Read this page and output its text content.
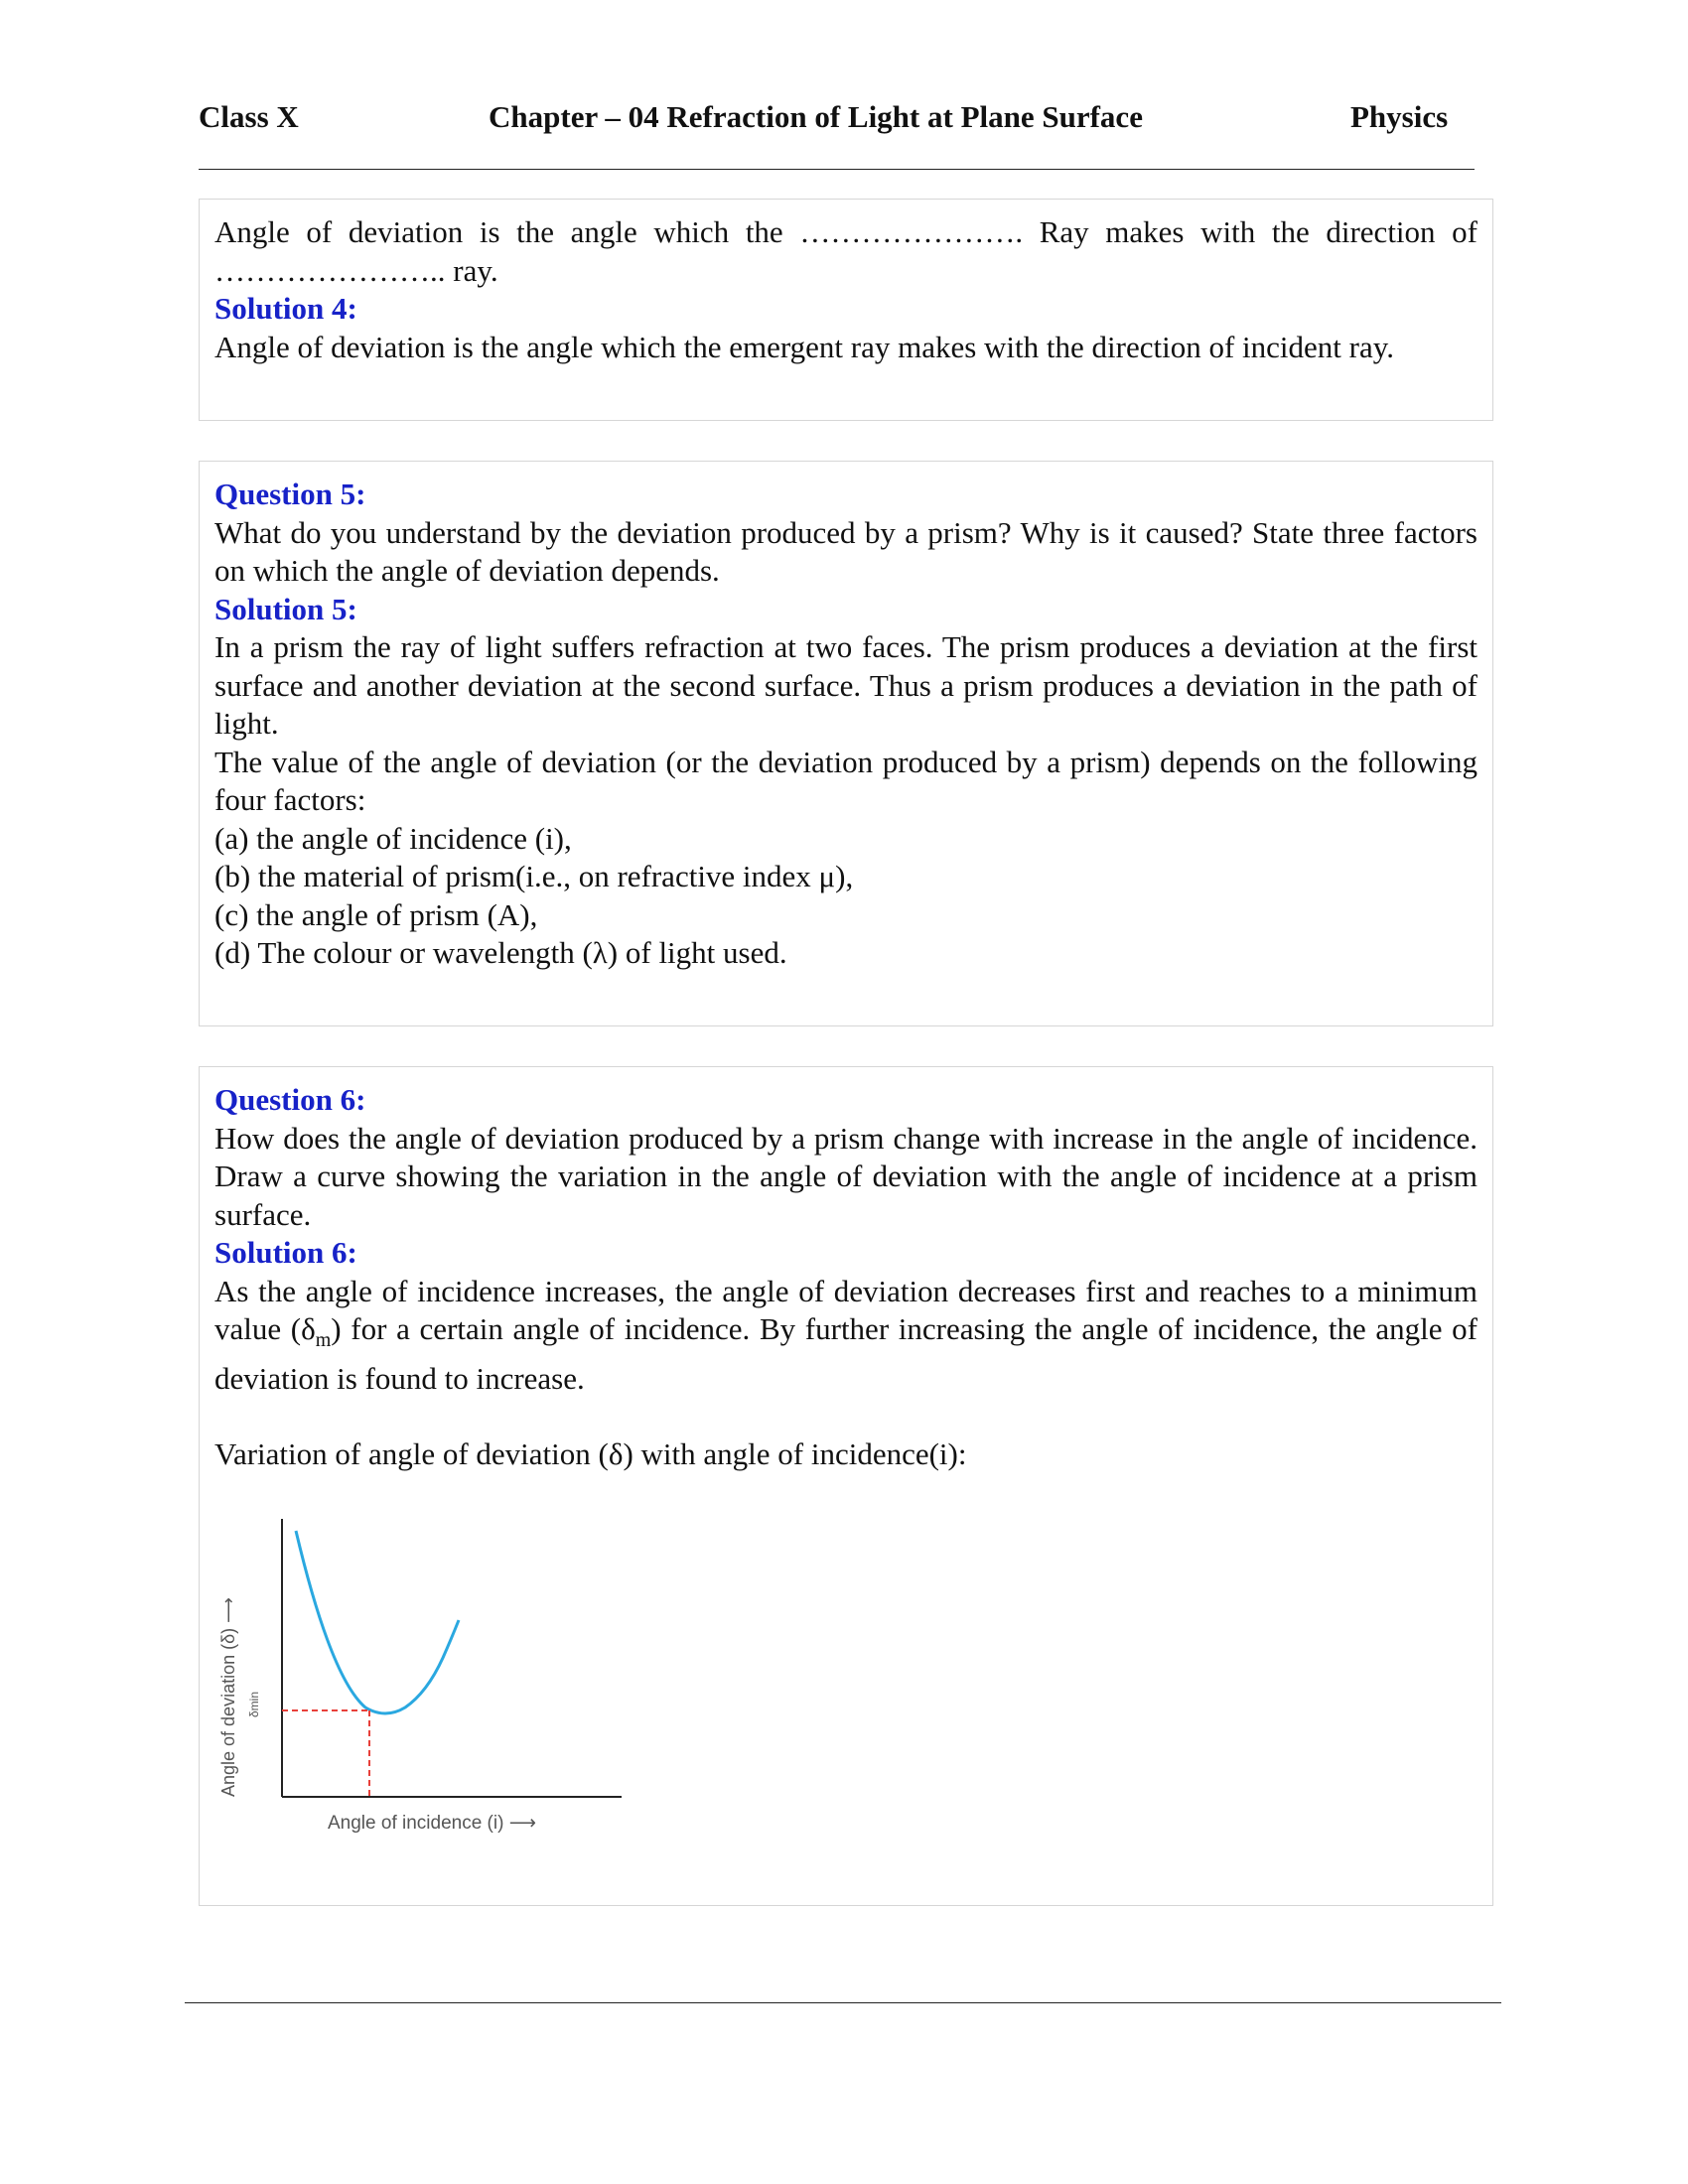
Class X	Chapter – 04 Refraction of Light at Plane Surface	Physics

Angle of deviation is the angle which the …………………. Ray makes with the direction of ………………….. ray.

Solution 4:

Angle of deviation is the angle which the emergent ray makes with the direction of incident ray.

Question 5:

What do you understand by the deviation produced by a prism? Why is it caused? State three factors on which the angle of deviation depends.

Solution 5:

In a prism the ray of light suffers refraction at two faces. The prism produces a deviation at the first surface and another deviation at the second surface. Thus a prism produces a deviation in the path of light.

The value of the angle of deviation (or the deviation produced by a prism) depends on the following four factors:

(a) the angle of incidence (i),

(b) the material of prism(i.e., on refractive index μ),

(c) the angle of prism (A),

(d) The colour or wavelength (λ) of light used.

Question 6:

How does the angle of deviation produced by a prism change with increase in the angle of incidence. Draw a curve showing the variation in the angle of deviation with the angle of incidence at a prism surface.

Solution 6:

As the angle of incidence increases, the angle of deviation decreases first and reaches to a minimum value $(\delta_m)$ for a certain angle of incidence. By further increasing the angle of incidence, the angle of deviation is found to increase.

Variation of angle of deviation (δ) with angle of incidence(i):

δmin
Angle of deviation (δ) ⟶
Angle of incidence (i) ⟶
